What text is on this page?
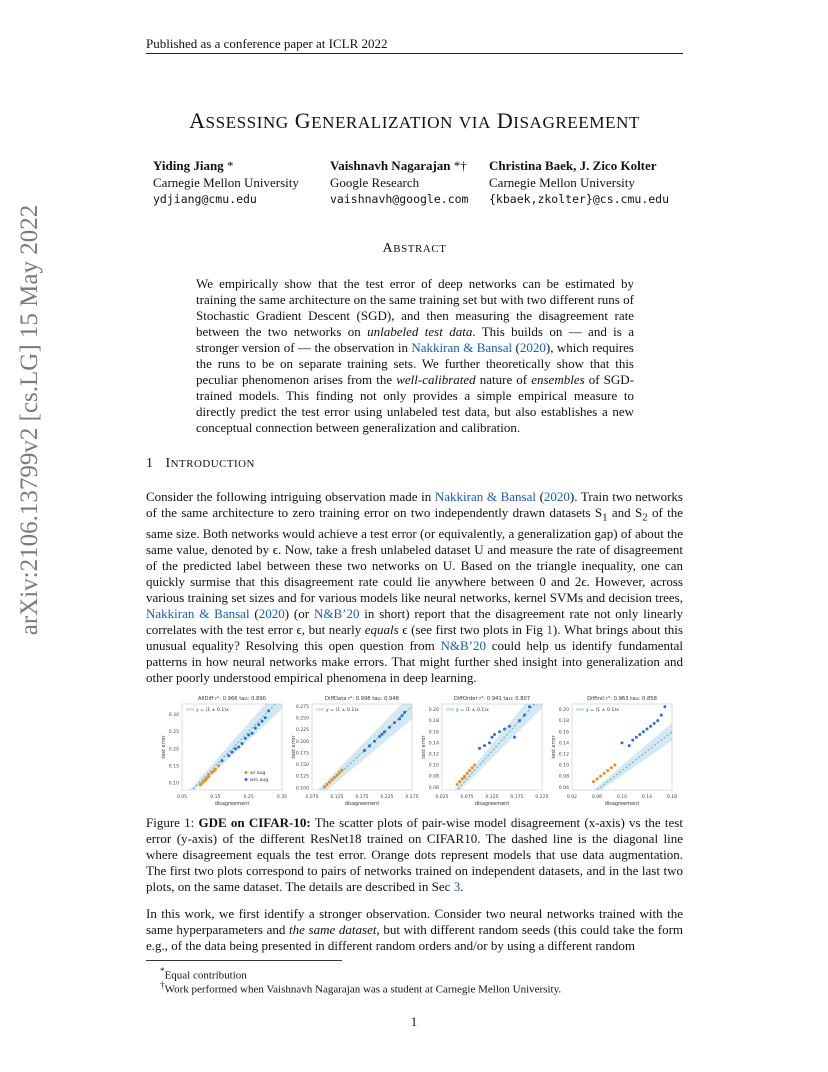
Published as a conference paper at ICLR 2022
arXiv:2106.13799v2 [cs.LG] 15 May 2022
ASSESSING GENERALIZATION VIA DISAGREEMENT
Yiding Jiang *
Carnegie Mellon University
ydjiang@cmu.edu
Vaishnavh Nagarajan *†
Google Research
vaishnavh@google.com
Christina Baek, J. Zico Kolter
Carnegie Mellon University
{kbaek,zkolter}@cs.cmu.edu
ABSTRACT
We empirically show that the test error of deep networks can be estimated by training the same architecture on the same training set but with two different runs of Stochastic Gradient Descent (SGD), and then measuring the disagreement rate between the two networks on unlabeled test data. This builds on — and is a stronger version of — the observation in Nakkiran & Bansal (2020), which requires the runs to be on separate training sets. We further theoretically show that this peculiar phenomenon arises from the well-calibrated nature of ensembles of SGD-trained models. This finding not only provides a simple empirical measure to directly predict the test error using unlabeled test data, but also establishes a new conceptual connection between generalization and calibration.
1 INTRODUCTION
Consider the following intriguing observation made in Nakkiran & Bansal (2020). Train two networks of the same architecture to zero training error on two independently drawn datasets $S_1$ and $S_2$ of the same size. Both networks would achieve a test error (or equivalently, a generalization gap) of about the same value, denoted by ϵ. Now, take a fresh unlabeled dataset U and measure the rate of disagreement of the predicted label between these two networks on U. Based on the triangle inequality, one can quickly surmise that this disagreement rate could lie anywhere between 0 and 2ϵ. However, across various training set sizes and for various models like neural networks, kernel SVMs and decision trees, Nakkiran & Bansal (2020) (or N&B’20 in short) report that the disagreement rate not only linearly correlates with the test error ϵ, but nearly equals ϵ (see first two plots in Fig 1). What brings about this unusual equality? Resolving this open question from N&B’20 could help us identify fundamental patterns in how neural networks make errors. That might further shed insight into generalization and other poorly understood empirical phenomena in deep learning.
AllDiff r²: 0.966 tau: 0.890
y = (1 ± 0.1)x
0.05	0.15	0.25	0.35
0.10
0.15
0.20
0.25
0.30
disagreement
test error
w/ aug
w/o aug
DiffData r²: 0.998 tau: 0.948
y = (1 ± 0.1)x
0.075	0.125	0.175	0.225	0.275
0.100
0.125
0.150
0.175
0.200
0.225
0.250
0.275
disagreement
test error
DiffOrder r²: 0.941 tau: 0.807
y = (1 ± 0.1)x
0.025	0.075	0.125	0.175	0.225
0.06
0.08
0.10
0.12
0.14
0.16
0.18
0.20
disagreement
test error
DiffInit r²: 0.963 tau: 0.858
y = (1 ± 0.1)x
0.02	0.06	0.10	0.14	0.18
0.06
0.08
0.10
0.12
0.14
0.16
0.18
0.20
disagreement
test error
Figure 1: GDE on CIFAR-10: The scatter plots of pair-wise model disagreement (x-axis) vs the test error (y-axis) of the different ResNet18 trained on CIFAR10. The dashed line is the diagonal line where disagreement equals the test error. Orange dots represent models that use data augmentation. The first two plots correspond to pairs of networks trained on independent datasets, and in the last two plots, on the same dataset. The details are described in Sec 3.
In this work, we first identify a stronger observation. Consider two neural networks trained with the same hyperparameters and the same dataset, but with different random seeds (this could take the form e.g., of the data being presented in different random orders and/or by using a different random
*Equal contribution
†Work performed when Vaishnavh Nagarajan was a student at Carnegie Mellon University.
1
